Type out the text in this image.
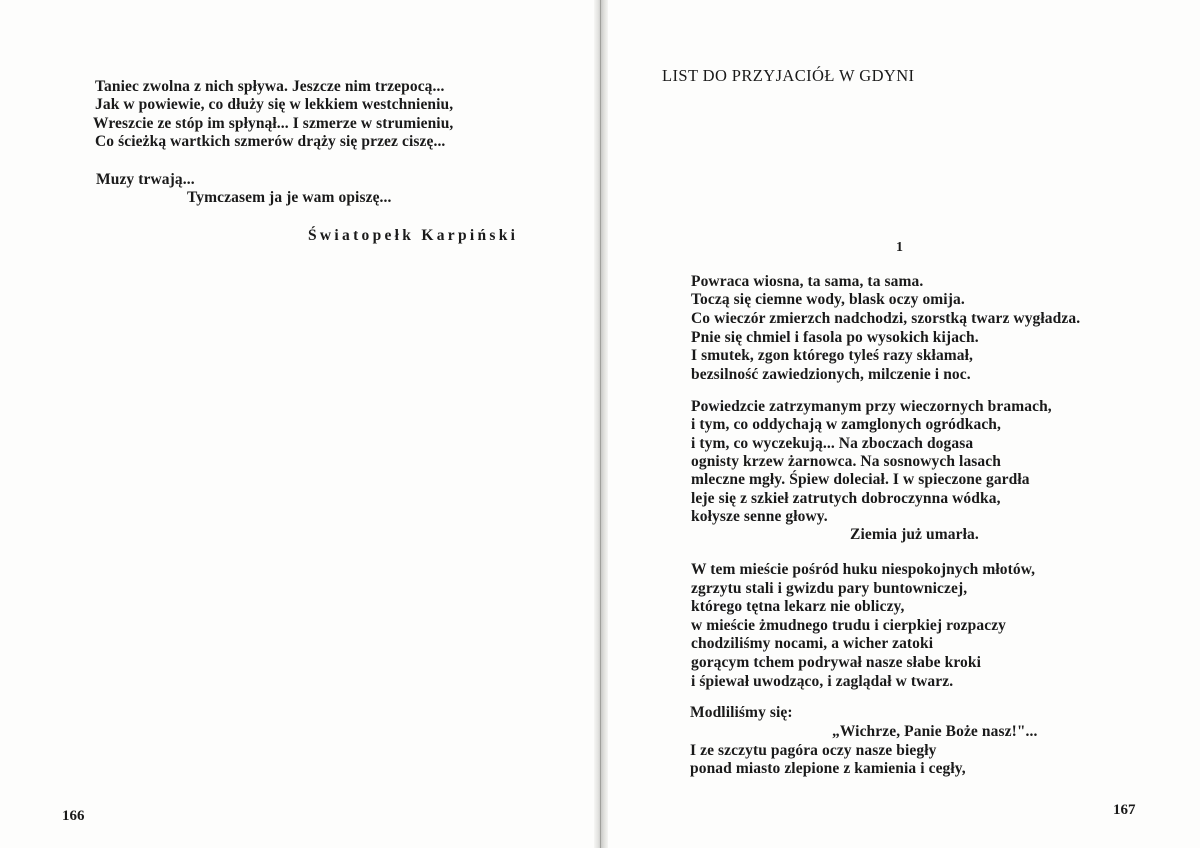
Taniec zwolna z nich spływa. Jeszcze nim trzepocą...
Jak w powiewie, co dłuży się w lekkiem westchnieniu,
Wreszcie ze stóp im spłynął... I szmerze w strumieniu,
Co ścieżką wartkich szmerów drąży się przez ciszę...
Muzy trwają...
Tymczasem ja je wam opiszę...
Światopełk Karpiński
166
LIST DO PRZYJACIÓŁ W GDYNI
1
Powraca wiosna, ta sama, ta sama.
Toczą się ciemne wody, blask oczy omija.
Co wieczór zmierzch nadchodzi, szorstką twarz wygładza.
Pnie się chmiel i fasola po wysokich kijach.
I smutek, zgon którego tyleś razy skłamał,
bezsilność zawiedzionych, milczenie i noc.
Powiedzcie zatrzymanym przy wieczornych bramach,
i tym, co oddychają w zamglonych ogródkach,
i tym, co wyczekują... Na zboczach dogasa
ognisty krzew żarnowca. Na sosnowych lasach
mleczne mgły. Śpiew doleciał. I w spieczone gardła
leje się z szkieł zatrutych dobroczynna wódka,
kołysze senne głowy.
Ziemia już umarła.
W tem mieście pośród huku niespokojnych młotów,
zgrzytu stali i gwizdu pary buntowniczej,
którego tętna lekarz nie obliczy,
w mieście żmudnego trudu i cierpkiej rozpaczy
chodziliśmy nocami, a wicher zatoki
gorącym tchem podrywał nasze słabe kroki
i śpiewał uwodząco, i zaglądał w twarz.
Modliliśmy się:
„Wichrze, Panie Boże nasz!"...
I ze szczytu pagóra oczy nasze biegły
ponad miasto zlepione z kamienia i cegły,
167
